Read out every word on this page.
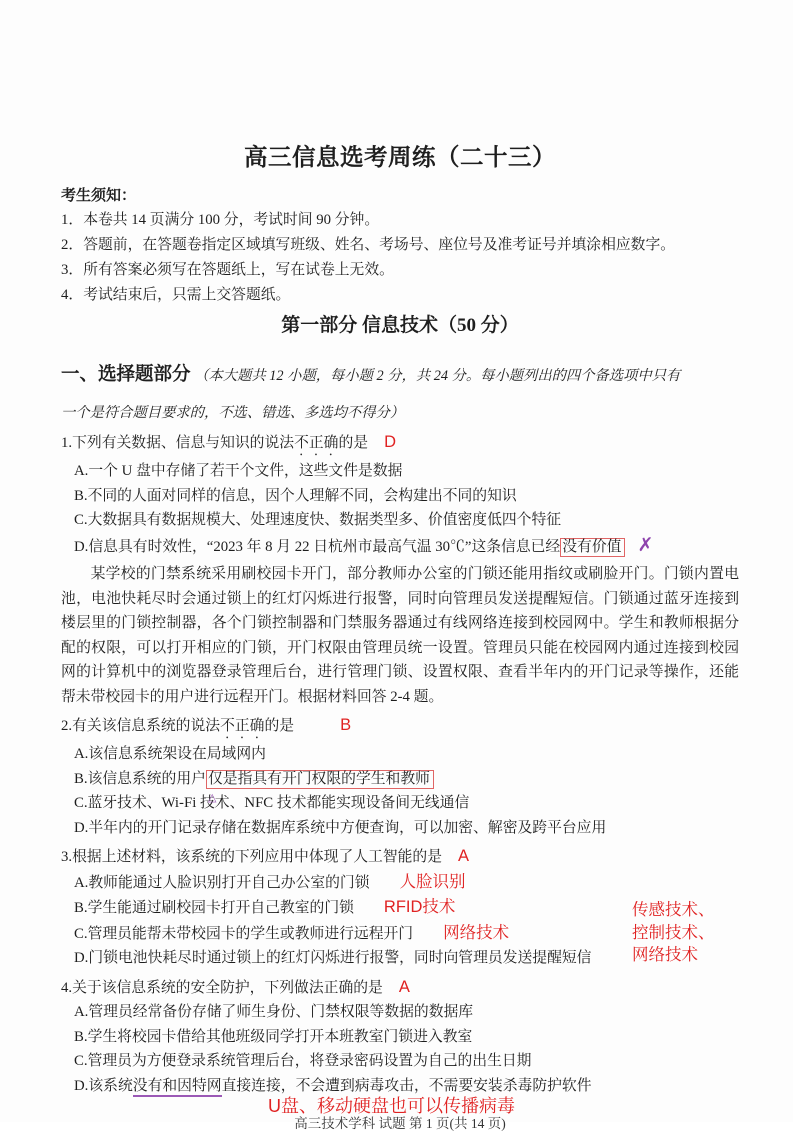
高三信息选考周练（二十三）
考生须知：
1．本卷共 14 页满分 100 分，考试时间 90 分钟。
2．答题前，在答题卷指定区域填写班级、姓名、考场号、座位号及准考证号并填涂相应数字。
3．所有答案必须写在答题纸上，写在试卷上无效。
4．考试结束后，只需上交答题纸。
第一部分 信息技术（50 分）
一、选择题部分 （本大题共 12 小题，每小题 2 分，共 24 分。每小题列出的四个备选项中只有
一个是符合题目要求的，不选、错选、多选均不得分）
1.下列有关数据、信息与知识的说法不正确的是 D
A.一个 U 盘中存储了若干个文件，这些文件是数据
B.不同的人面对同样的信息，因个人理解不同，会构建出不同的知识
C.大数据具有数据规模大、处理速度快、数据类型多、价值密度低四个特征
D.信息具有时效性，“2023 年 8 月 22 日杭州市最高气温 30℃”这条信息已经 没有价值 ✗
某学校的门禁系统采用刷校园卡开门，部分教师办公室的门锁还能用指纹或刷脸开门。门锁内置电池，电池快耗尽时会通过锁上的红灯闪烁进行报警，同时向管理员发送提醒短信。门锁通过蓝牙连接到楼层里的门锁控制器，各个门锁控制器和门禁服务器通过有线网络连接到校园网中。学生和教师根据分配的权限，可以打开相应的门锁，开门权限由管理员统一设置。管理员只能在校园网内通过连接到校园网的计算机中的浏览器登录管理后台，进行管理门锁、设置权限、查看半年内的开门记录等操作，还能帮未带校园卡的用户进行远程开门。根据材料回答 2-4 题。
2.有关该信息系统的说法不正确的是	B
A.该信息系统架设在局域网内
B.该信息系统的用户 仅 △是指具有开门权限的学生和教师
C.蓝牙技术、Wi-Fi 技术、NFC 技术都能实现设备间无线通信
D.半年内的开门记录存储在数据库系统中方便查询，可以加密、解密及跨平台应用
3.根据上述材料，该系统的下列应用中体现了人工智能的是 A
A.教师能通过人脸识别打开自己办公室的门锁 人脸识别
B.学生能通过刷校园卡打开自己教室的门锁 RFID技术
C.管理员能帮未带校园卡的学生或教师进行远程开门 网络技术
D.门锁电池快耗尽时通过锁上的红灯闪烁进行报警，同时向管理员发送提醒短信
4.关于该信息系统的安全防护，下列做法正确的是 A
A.管理员经常备份存储了师生身份、门禁权限等数据的数据库
B.学生将校园卡借给其他班级同学打开本班教室门锁进入教室
C.管理员为方便登录系统管理后台，将登录密码设置为自己的出生日期
D.该系统没有和因特网直接连接，不会遭到病毒攻击，不需要安装杀毒防护软件
U盘、移动硬盘也可以传播病毒
高三技术学科 试题 第 1 页(共 14 页)
传感技术、
控制技术、
网络技术
